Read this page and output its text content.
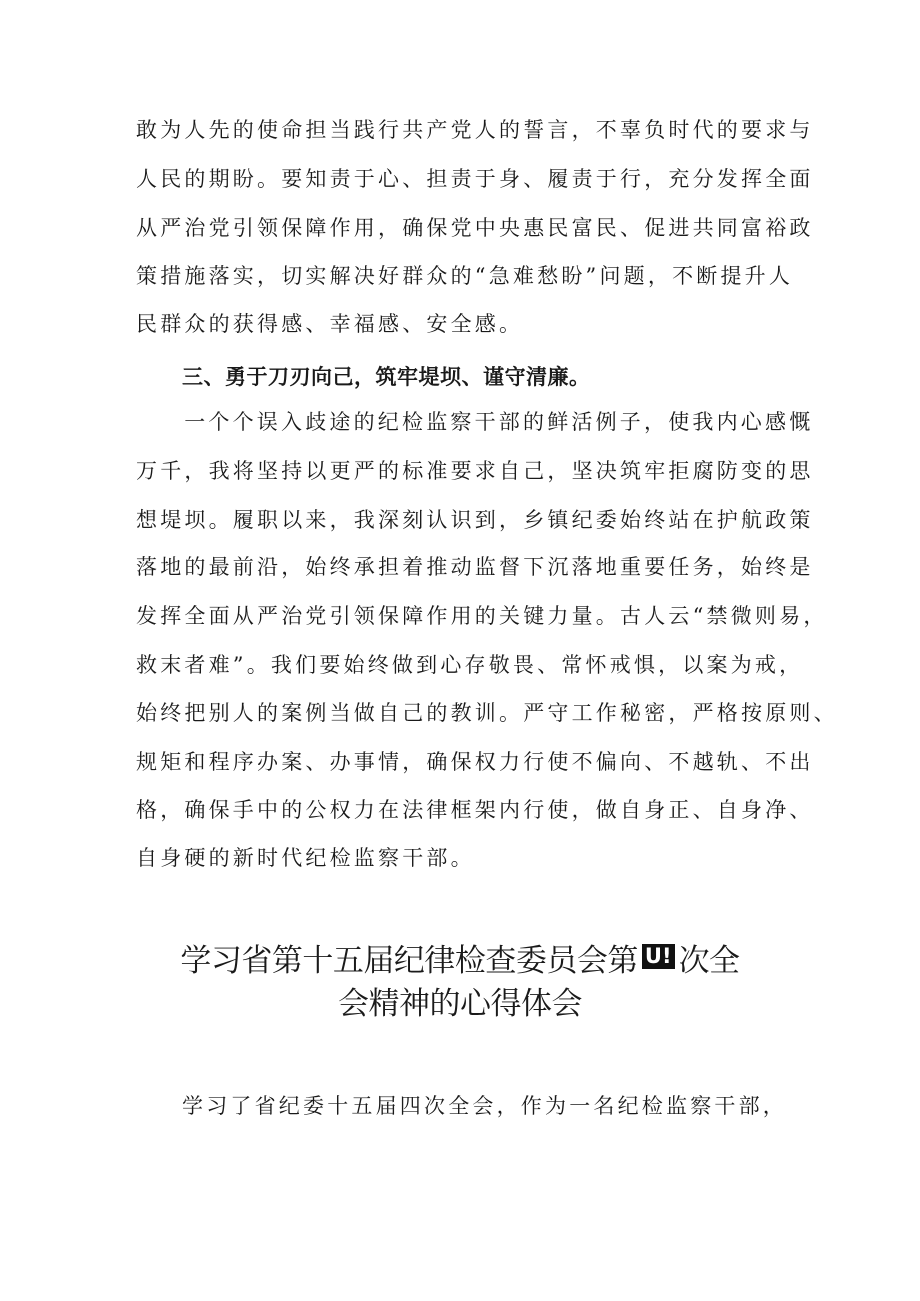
敢为人先的使命担当践行共产党人的誓言，不辜负时代的要求与
人民的期盼。要知责于心、担责于身、履责于行，充分发挥全面
从严治党引领保障作用，确保党中央惠民富民、促进共同富裕政
策措施落实，切实解决好群众的“急难愁盼”问题，不断提升人
民群众的获得感、幸福感、安全感。
三、勇于刀刃向己，筑牢堤坝、谨守清廉。
　一个个误入歧途的纪检监察干部的鲜活例子，使我内心感慨
万千，我将坚持以更严的标准要求自己，坚决筑牢拒腐防变的思
想堤坝。履职以来，我深刻认识到，乡镇纪委始终站在护航政策
落地的最前沿，始终承担着推动监督下沉落地重要任务，始终是
发挥全面从严治党引领保障作用的关键力量。古人云“禁微则易，
救末者难”。我们要始终做到心存敬畏、常怀戒惧，以案为戒，
始终把别人的案例当做自己的教训。严守工作秘密，严格按原则、
规矩和程序办案、办事情，确保权力行使不偏向、不越轨、不出
格，确保手中的公权力在法律框架内行使，做自身正、自身净、
自身硬的新时代纪检监察干部。
学习省第十五届纪律检查委员会第 U! 次全
会精神的心得体会
学习了省纪委十五届四次全会，作为一名纪检监察干部，
